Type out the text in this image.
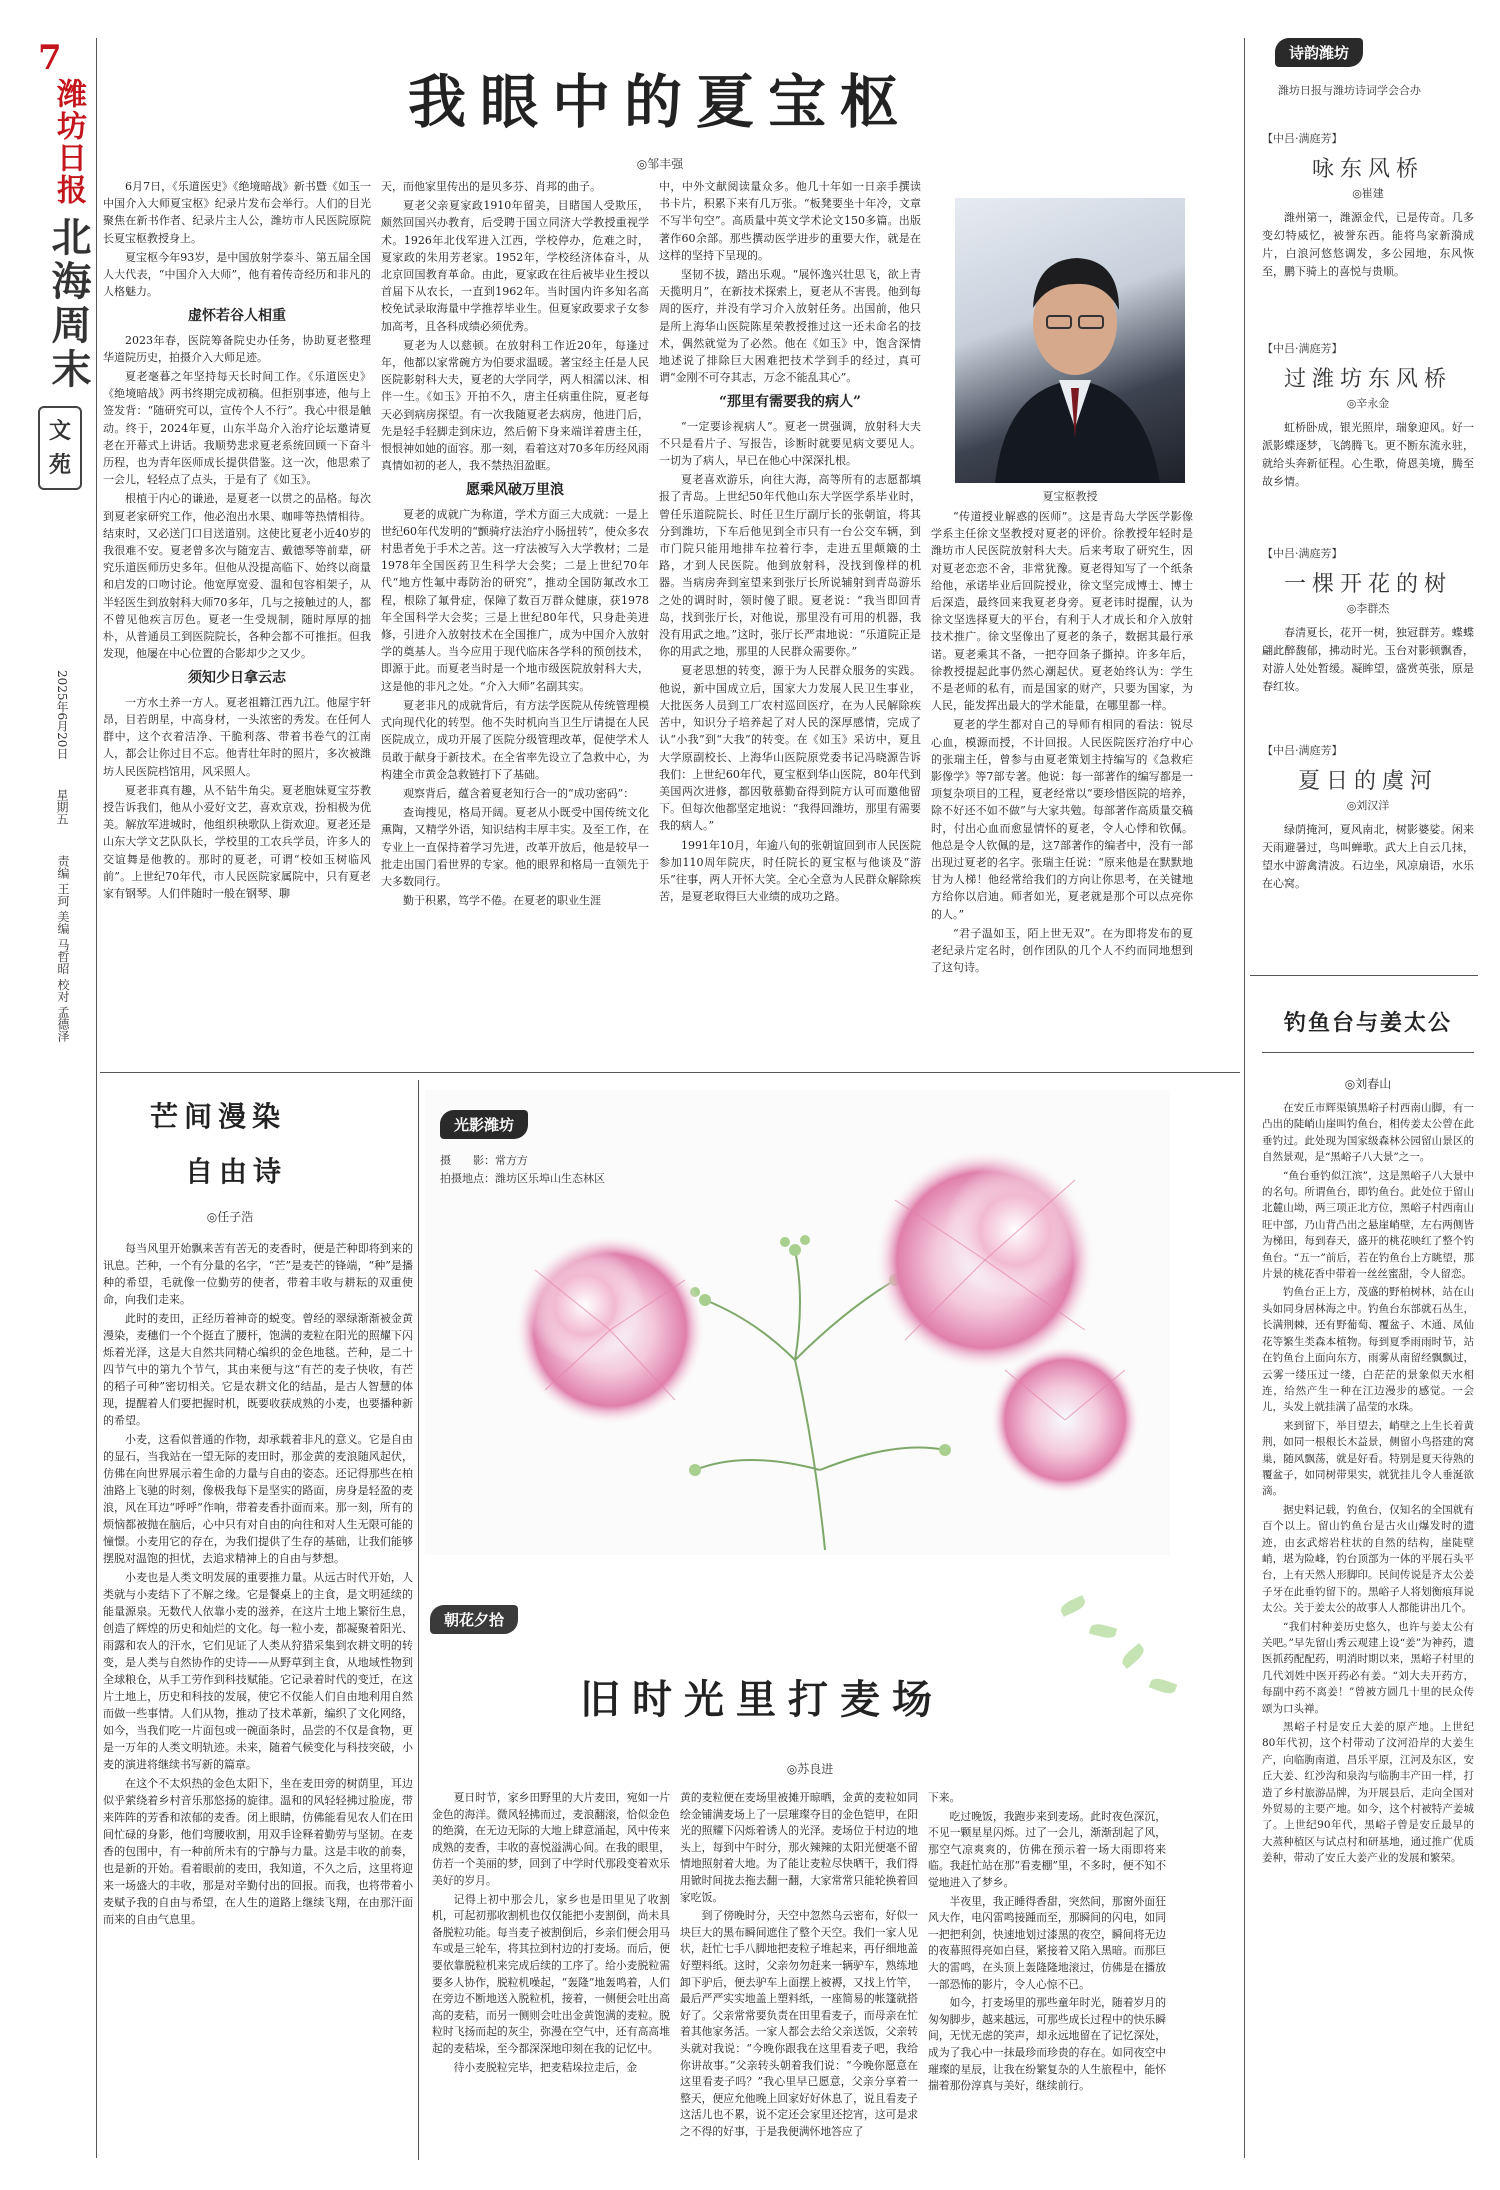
7
潍坊日报
北海周末
文
苑
2025年6月20日
星期五
责编 王珂 美编 马哲昭 校对 孟德泽
我眼中的夏宝枢
◎邹丰强

6月7日，《乐道医史》《绝境暗战》新书暨《如玉一中国介入大师夏宝枢》纪录片发布会举行。人们的目光聚焦在新书作者、纪录片主人公，潍坊市人民医院原院长夏宝枢教授身上。

夏宝枢今年93岁，是中国放射学泰斗、第五届全国人大代表，“中国介入大师”，他有着传奇经历和非凡的人格魅力。

虚怀若谷人相重

2023年春，医院筹备院史办任务，协助夏老整理华道院历史，拍摄介入大师足迹。

夏老毫暮之年坚持每天长时间工作。《乐道医史》《绝境暗战》两书终期完成初稿。但拒别事迹，他与上签发背：“随研究可以，宣传个人不行”。我心中很是触动。终于，2024年夏，山东半岛介入治疗论坛邀请夏老在开幕式上讲话。我顺势悲求夏老系统回顾一下奋斗历程，也为青年医师成长提供借鉴。这一次，他思索了一会儿，轻轻点了点头，于是有了《如玉》。

根植于内心的谦逊，是夏老一以贯之的品格。每次到夏老家研究工作，他必泡出水果、咖啡等热情相待。结束时，又必送门口目送道别。这使比夏老小近40岁的我很难不安。夏老曾多次与随宠吉、戴德琴等前辈，研究乐道医师历史多年。但他从没提高临下、始终以商量和启发的口吻讨论。他宽厚宽爱、温和包容相架子，从半轻医生到放射科大师70多年，几与之接触过的人，都不曾见他疾言厉色。夏老一生受规制，随时厚厚的拙朴，从普通员工到医院院长，各种会都不可推拒。但我发现，他屡在中心位置的合影却少之又少。

须知少日拿云志

一方水土养一方人。夏老祖籍江西九江。他屋宇轩昂，目若朗星，中高身材，一头浓密的秀发。在任何人群中，这个衣着洁净、干脆利落、带着书卷气的江南人，都会让你过目不忘。他青壮年时的照片，多次被潍坊人民医院档馆用，风采照人。

夏老非真有趣，从不钻牛角尖。夏老胞妹夏宝芬教授告诉我们，他从小爱好文艺，喜欢京戏，扮相极为优美。解放军进城时，他组织秧歌队上街欢迎。夏老还是山东大学文艺队队长，学校里的工农兵学员，许多人的交谊舞是他教的。那时的夏老，可谓“校如玉树临风前”。上世纪70年代，市人民医院家属院中，只有夏老家有钢琴。人们伴随时一般在钢琴、聊

天，而他家里传出的是贝多芬、肖邦的曲子。

夏老父亲夏家政1910年留美，目睹国人受欺压，颇然回国兴办教育，后受聘于国立同济大学教授重视学术。1926年北伐军进入江西，学校停办，危难之时，夏家政的朱用芳老家。1952年，学校经济体奋斗，从北京回国教育革命。由此，夏家政在往后被毕业生授以首届下从农长，一直到1962年。当时国内许多知名高校免试录取海量中学推荐毕业生。但夏家政要求子女参加高考，且各科成绩必须优秀。

夏老为人以慈顿。在放射科工作近20年，每逢过年，他都以家常碗方为伯要求温暖。著宝经主任是人民医院影射科大夫，夏老的大学同学，两人相濡以沫、相伴一生。《如玉》开拍不久，唐主任病重住院，夏老每天必到病房探望。有一次我随夏老去病房，他进门后，先是轻手轻脚走到床边，然后俯下身来端详着唐主任，恨恨神如她的面容。那一刻，看着这对70多年历经风雨真情如初的老人，我不禁热泪盈眶。

愿乘风破万里浪

夏老的成就广为称道，学术方面三大成就：一是上世纪60年代发明的“颤骑疗法治疗小肠扭转”，使众多农村患者免于手术之苦。这一疗法被写入大学教材；二是1978年全国医药卫生科学大会奖；二是上世纪70年代“地方性氟中毒防治的研究”，推动全国防氟改水工程，根除了氟骨症，保障了数百万群众健康，获1978年全国科学大会奖；三是上世纪80年代，只身赴美进修，引进介入放射技术在全国推广，成为中国介入放射学的奠基人。当今应用于现代临床各学科的预创技术，即源于此。而夏老当时是一个地市级医院放射科大夫，这是他的非凡之处。“介入大师”名副其实。

夏老非凡的成就背后，有方法学医院从传统管理模式向现代化的转型。他不失时机向当卫生厅请提在人民医院成立，成功开展了医院分级管理改革，促使学术人员敢于献身于新技术。在全省率先设立了急救中心，为构建全市黄金急救链打下了基础。

观察背后，蕴含着夏老知行合一的“成功密码”：

查询搜见，格局开阔。夏老从小既受中国传统文化熏陶，又精学外语，知识结构丰厚丰实。及至工作，在专业上一直保持着学习先进，改革开放后，他是较早一批走出国门看世界的专家。他的眼界和格局一直领先于大多数同行。

勤于积累，笃学不倦。在夏老的职业生涯

中，中外文献阅读量众多。他几十年如一日亲手撰读书卡片，积累下来有几万张。“板凳要坐十年冷，文章不写半句空”。高质量中英文学术论文150多篇。出版著作60余部。那些撰动医学进步的重要大作，就是在这样的坚持下呈现的。

坚韧不拔，踏出乐观。“展怀逸兴壮思飞，欲上青天揽明月”，在新技术探索上，夏老从不害畏。他到每周的医疗，并没有学习介入放射任务。出国前，他只是所上海华山医院陈星荣教授推过这一还未命名的技术，偶然就觉为了必然。他在《如玉》中，饱含深情地述说了排除巨大困难把技术学到手的经过，真可谓“金刚不可夺其志，万念不能乱其心”。

“那里有需要我的病人”

“一定要诊视病人”。夏老一贯强调，放射科大夫不只是看片子、写报告，诊断时就要见病文要见人。一切为了病人，早已在他心中深深扎根。

夏老喜欢游乐，向往大海，高等所有的志愿都填报了青岛。上世纪50年代他山东大学医学系毕业时，曾任乐道院院长、时任卫生厅副厅长的张朝谊，将其分到潍坊，下车后他见到全市只有一台公交车辆，到市门院只能用地排车拉着行李，走进五里颠簸的土路，才到人民医院。他到放射科，没找到像样的机器。当病房奔到室望来到张厅长所说辅射到青岛游乐之处的调时时，领时傻了眼。夏老说：“我当即回青岛，找到张厅长，对他说，那里没有可用的机器，我没有用武之地。”这时，张厅长严肃地说：“乐道院正是你的用武之地，那里的人民群众需要你。”

夏老思想的转变，源于为人民群众服务的实践。他说，新中国成立后，国家大力发展人民卫生事业，大批医务人员到工厂农村巡回医疗，在为人民解除疾苦中，知识分子培养起了对人民的深厚感情，完成了认“小我”到“大我”的转变。在《如玉》采访中，夏且大学原副校长、上海华山医院原党委书记冯晓源告诉我们：上世纪60年代，夏宝枢到华山医院，80年代到美国两次进修，都因敬慕勤奋得到院方认可而邀他留下。但每次他都坚定地说：“我得回潍坊，那里有需要我的病人。”

1991年10月，年逾八旬的张朝谊回到市人民医院参加110周年院庆，时任院长的夏宝枢与他谈及“游乐”往事，两人开怀大笑。全心全意为人民群众解除疾苦，是夏老取得巨大业绩的成功之路。

夏宝枢教授

“传道授业解惑的医师”。这是青岛大学医学影像学系主任徐文坚教授对夏老的评价。徐教授年轻时是潍坊市人民医院放射科大夫。后来考取了研究生，因对夏老恋恋不舍，非常犹豫。夏老得知写了一个纸条给他，承诺毕业后回院授业，徐文坚完成博士、博士后深造，最终回来我夏老身旁。夏老讳时提醒，认为徐文坚选择夏大的平台，有利于人才成长和介入放射技术推广。徐文坚像出了夏老的条子，数据其最行承诺。夏老乘其不备，一把夺回条子撕掉。许多年后，徐教授提起此事仍然心潮起伏。夏老始终认为：学生不是老师的私有，而是国家的财产，只要为国家，为人民，能发挥出最大的学术能量，在哪里都一样。

夏老的学生都对自己的导师有相同的看法：锐尽心血，模源而授，不计回报。人民医院医疗治疗中心的张瑞主任，曾参与由夏老策划主持编写的《急救疟影像学》等7部专著。他说：每一部著作的编写都是一项复杂项目的工程，夏老经常以“要珍惜医院的培养，除不好还不如不做”与大家共勉。每部著作高质量交稿时，付出心血而愈显情怀的夏老，令人心悸和钦佩。他总是令人钦佩的是，这7部著作的编者中，没有一部出现过夏老的名字。张瑞主任说：“原来他是在默默地甘为人梯！他经常给我们的方向让你思考，在关键地方给你以启迪。师者如光，夏老就是那个可以点亮你的人。”

“君子温如玉，陌上世无双”。在为即将发布的夏老纪录片定名时，创作团队的几个人不约而同地想到了这句诗。

诗韵潍坊
潍坊日报与潍坊诗词学会合办
【中吕·满庭芳】
咏东风桥
◎崔建
潍州第一，潍源金代，已是传奇。几多变幻特威忆，被誉东西。能将鸟家新漪成片，白浪河悠悠调发，多公园地，东风恢至，鹏下骑上的喜悦与贵顺。
【中吕·满庭芳】
过潍坊东风桥
◎辛永金
虹桥卧成，银光照岸，瑞象迎风。好一派影蝶逐梦，飞鸽腾飞。更不断东流永驻，就给头奔新征程。心生歌，倚恩美境，腾至故乡情。
【中吕·满庭芳】
一棵开花的树
◎李群杰
春清夏长，花开一树，独冠群芳。蝶蝶翩此醉馥郁，拂动时光。玉台对影顿飘香，对游人处处暂缓。凝眸望，盛赏英张，原是春红妆。
【中吕·满庭芳】
夏日的虞河
◎刘汉洋
绿荫掩河，夏风南北，树影婆娑。闲来天雨避暑过，鸟叫蝉歌。武大上自云几抹，望水中游禽清波。石边坐，风凉扇语，水乐在心窝。
钓鱼台与姜太公
◎刘春山

在安丘市辉渠镇黑峪子村西南山脚，有一凸出的陡峭山崖叫钓鱼台，相传姜太公曾在此垂钓过。此处现为国家级森林公园留山景区的自然景观，是“黑峪子八大景”之一。

“鱼台垂钓似江滨”，这是黑峪子八大景中的名句。所谓鱼台，即钓鱼台。此处位于留山北麓山坳，两三项正北方位，黑峪子村西南山旺中部，乃山背凸出之悬崖峭壁，左右两侧皆为梯田，每到春天，盛开的桃花映红了整个钓鱼台。“五一”前后，若在钓鱼台上方眺望，那片景的桃花香中带着一丝丝蜜甜，令人留恋。

钓鱼台正上方，茂盛的野柏树林，站在山头如同身居林海之中。钓鱼台东部就石丛生，长满荆棘，还有野葡萄、覆盆子、木通、凤仙花等繁生类森本植物。每到夏季雨雨时节，站在钓鱼台上面向东方，雨雾从南留经飘飘过，云雾一缕压过一缕，白茫茫的景象似天水相连，给然产生一种在江边漫步的感觉。一会儿，头发上就挂满了晶莹的水珠。

来到留下，举目望去，峭壁之上生长着黄荆，如同一根根长木益景，侧留小鸟搭建的窝巢，随风飘荡，就是好看。特别是夏天待熟的覆盆子，如同树带果实，就犹挂儿令人垂涎欲滴。

据史料记载，钓鱼台，仅知名的全国就有百个以上。留山钓鱼台是古火山爆发时的遗迹，由玄武熔岩柱状的自然的结构，崖陡壁峭，堪为险峰，钓台顶部为一体的平展石头平台，上有天然人形脚印。民间传说是齐太公姜子牙在此垂钓留下的。黑峪子人将划衡痕拜说太公。关于姜太公的故事人人都能讲出几个。

“我们村种姜历史悠久，也许与姜太公有关吧。”早先留山秀云观建上设“姜”为神药，遗医抓药配配药，明消时期以来，黑峪子村里的几代刘姓中医开药必有姜。“刘大夫开药方，每副中药不离姜！”曾被方圆几十里的民众传颂为口头禅。

黑峪子村是安丘大姜的原产地。上世纪80年代初，这个村带动了汶河沿岸的大姜生产，向临朐南道，昌乐平原，江河及东区，安丘大姜、红沙沟和泉沟与临朐丰产田一样，打造了乡村旅游品牌，为开展县后，走向全国对外贸易的主要产地。如今，这个村被特产姜城了。上世纪90年代，黑峪子曾是安丘最早的大蒸种植区与试点村和研基地，通过推广优质姜种，带动了安丘大姜产业的发展和繁荣。

芒间漫染
自由诗
◎任子浩

每当风里开始飘来苦有苦无的麦香时，便是芒种即将到来的讯息。芒种，一个有分量的名字，“芒”是麦芒的锋端，“种”是播种的希望，毛就像一位勤劳的使者，带着丰收与耕耘的双重使命，向我们走来。

此时的麦田，正经历着神奇的蜕变。曾经的翠绿渐渐被金黄漫染，麦穗们一个个挺直了腰杆，饱满的麦粒在阳光的照耀下闪烁着光泽，这是大自然共同精心编织的金色地毯。芒种，是二十四节气中的第九个节气，其由来便与这“有芒的麦子快收，有芒的稻子可种”密切相关。它是农耕文化的结晶，是古人智慧的体现，提醒着人们要把握时机，既要收获成熟的小麦，也要播种新的希望。

小麦，这看似普通的作物，却承载着非凡的意义。它是自由的显石，当我站在一望无际的麦田时，那金黄的麦浪随风起伏，仿佛在向世界展示着生命的力量与自由的姿态。还记得那些在柏油路上飞驰的时刻，像极我每下是坚实的路面，房身是轻盈的麦浪，风在耳边“呼呼”作响，带着麦香扑面而来。那一刻，所有的烦恼都被抛在脑后，心中只有对自由的向往和对人生无限可能的憧憬。小麦用它的存在，为我们提供了生存的基础，让我们能够摆脱对温饱的担忧，去追求精神上的自由与梦想。

小麦也是人类文明发展的重要推力量。从远古时代开始，人类就与小麦结下了不解之缘。它是餐桌上的主食，是文明延续的能量源泉。无数代人依靠小麦的滋养，在这片土地上繁衍生息，创造了辉煌的历史和灿烂的文化。每一粒小麦，都凝聚着阳光、雨露和农人的汗水，它们见证了人类从狩猎采集到农耕文明的转变，是人类与自然协作的史诗——从野草到主食，从地域性物到全球粮仓，从手工劳作到科技赋能。它记录着时代的变迁，在这片土地上，历史和科技的发展，使它不仅能人们自由地利用自然而做一些事情。人们从物，推动了技术革新，编织了文化网络，如今，当我们吃一片面包或一碗面条时，品尝的不仅是食物，更是一万年的人类文明轨迹。未来，随着气候变化与科技突破，小麦的演进将继续书写新的篇章。

在这个不太炽热的金色太阳下，坐在麦田旁的树荫里，耳边似乎萦绕着乡村音乐那悠扬的旋律。温和的风轻轻拂过脸庞，带来阵阵的芳香和浓郁的麦香。闭上眼睛，仿佛能看见农人们在田间忙碌的身影，他们弯腰收割，用双手诠释着勤劳与坚韧。在麦香的包围中，有一种前所未有的宁静与力量。这是丰收的前奏，也是新的开始。看着眼前的麦田，我知道，不久之后，这里将迎来一场盛大的丰收，那是对辛勤付出的回报。而我，也将带着小麦赋予我的自由与希望，在人生的道路上继续飞翔，在由那汗面而来的自由气息里。

光影潍坊
摄　　影：常方方
拍摄地点：潍坊区乐埠山生态林区
朝花夕拾
旧时光里打麦场
◎苏良进

夏日时节，家乡田野里的大片麦田，宛如一片金色的海洋。微风轻拂而过，麦浪翻滚，恰似金色的绝漪，在无边无际的大地上肆意涌起，风中传来成熟的麦香，丰收的喜悦溢满心间。在我的眼里，仿若一个美丽的梦，回到了中学时代那段变着欢乐美好的岁月。

记得上初中那会儿，家乡也是田里见了收割机，可起初那收割机也仅仅能把小麦割倒，尚未具备脱粒功能。每当麦子被割倒后，乡亲们便会用马车或是三轮车，将其拉到村边的打麦场。而后，便要依靠脱粒机来完成后续的工序了。给小麦脱粒需要多人协作，脱粒机噪起，“轰隆”地轰鸣着，人们在旁边不断地送入脱粒机，接着，一侧便会吐出高高的麦秸，而另一侧则会吐出金黄饱满的麦粒。脱粒时飞扬而起的灰尘，弥漫在空气中，还有高高堆起的麦秸垛，至今都深深地印刻在我的记忆中。

待小麦脱粒完毕，把麦秸垛拉走后，金

黄的麦粒便在麦场里被摊开晾晒，金黄的麦粒如同绘金铺满麦场上了一层璀璨夺目的金色铠甲，在阳光的照耀下闪烁着诱人的光泽。麦场位于村边的地头上，每到中午时分，那火辣辣的太阳光便毫不留情地照射着大地。为了能让麦粒尽快晒干，我们得用锨时间拢去拖去翻一翻，大家常常只能轮换着回家吃饭。

到了傍晚时分，天空中忽然乌云密布，好似一块巨大的黑布瞬间遮住了整个天空。我们一家人见状，赶忙七手八脚地把麦粒子堆起来，再仔细地盖好塑料纸。这时，父亲勿勿赶来一辆驴车，熟练地卸下驴后，便去驴车上面摆上被褥，又找上竹竿，最后严严实实地盖上塑料纸，一座简易的帐篷就搭好了。父亲常常要负责在田里看麦子，而母亲在忙着其他家务活。一家人都会去给父亲送饭，父亲转头就对我说：“今晚你跟我在这里看麦子吧，我给你讲故事。”父亲转头朝着我们说：“今晚你愿意在这里看麦子吗？”我心里早已愿意，父亲分享着一整天，便应允他晚上回家好好休息了，说且看麦子这活儿也不累，说不定还会家里还挖宵，这可是求之不得的好事，于是我便满怀地答应了

下来。

吃过晚饭，我跑步来到麦场。此时夜色深沉，不见一颗星星闪烁。过了一会儿，渐渐刮起了风，那空气凉爽爽的，仿佛在预示着一场大雨即将来临。我赶忙站在那“看麦棚”里，不多时，便不知不觉地进入了梦乡。

半夜里，我正睡得香甜，突然间，那窗外面狂风大作，电闪雷鸣接踵而至，那瞬间的闪电，如同一把把利剑，快速地划过漆黑的夜空，瞬间将无边的夜幕照得亮如白昼，紧接着又陷入黑暗。而那巨大的雷鸣，在头顶上轰隆隆地滚过，仿佛是在播放一部恐怖的影片，令人心惊不已。

如今，打麦场里的那些童年时光，随着岁月的匆匆脚步，越来越远，可那些成长过程中的快乐瞬间，无忧无虑的笑声，却永远地留在了记忆深处，成为了我心中一抹最珍而珍贵的存在。如同夜空中璀璨的星辰，让我在纷繁复杂的人生旅程中，能怀揣着那份淳真与美好，继续前行。
